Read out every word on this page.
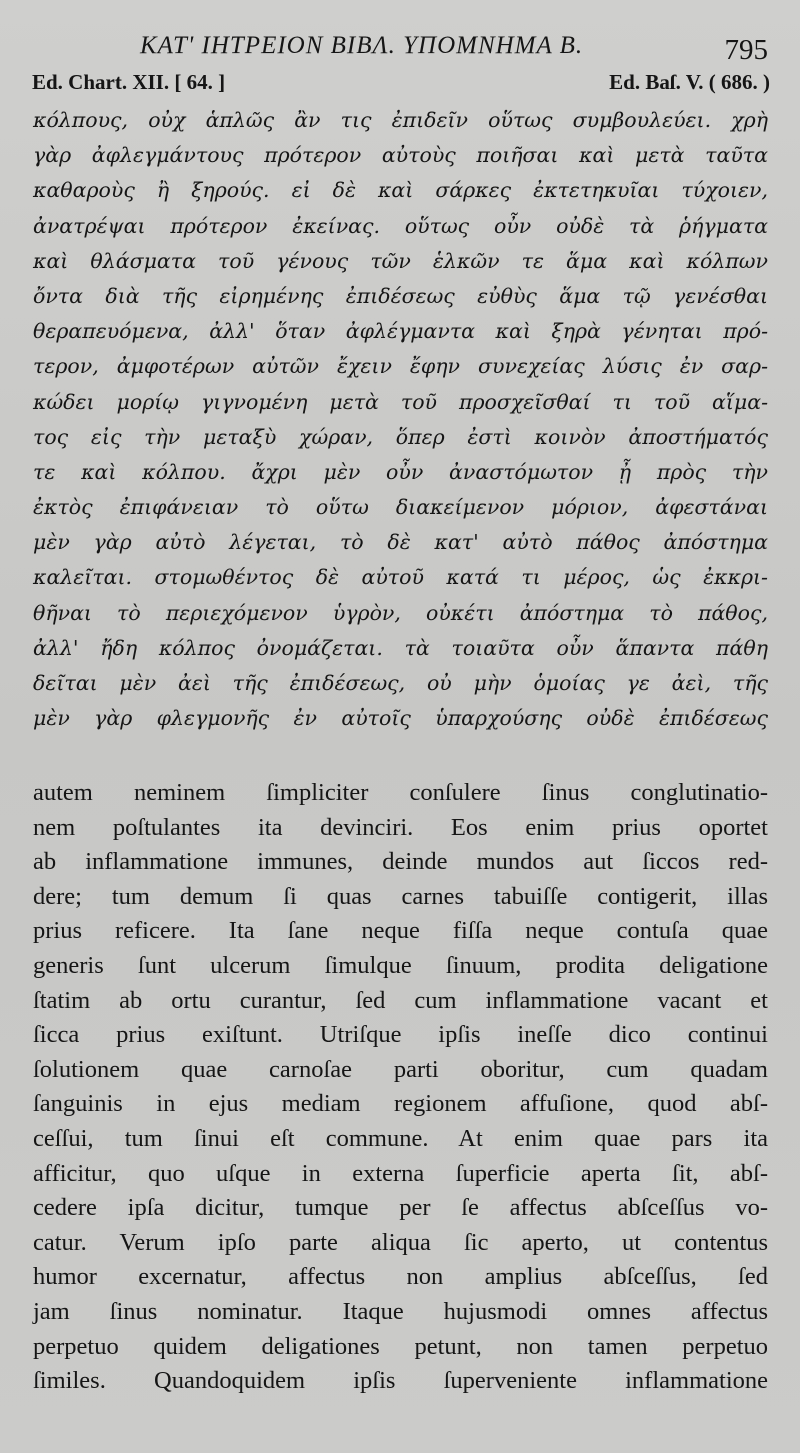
ΚΑΤ' ΙΗΤΡΕΙΟΝ ΒΙΒΛ. ΥΠΟΜΝΗΜΑ Β.	795
Ed. Chart. XII. [ 64. ]	Ed. Baſ. V. ( 686. )
κόλπους, οὐχ ἁπλῶς ἂν τις ἐπιδεῖν οὕτως συμβουλεύει. χρὴ
γὰρ ἀφλεγμάντους πρότερον αὐτοὺς ποιῆσαι καὶ μετὰ ταῦτα
καθαροὺς ἢ ξηρούς. εἰ δὲ καὶ σάρκες ἐκτετηκυῖαι τύχοιεν,
ἀνατρέψαι πρότερον ἐκείνας. οὕτως οὖν οὐδὲ τὰ ῥήγματα
καὶ θλάσματα τοῦ γένους τῶν ἑλκῶν τε ἅμα καὶ κόλπων
ὄντα διὰ τῆς εἰρημένης ἐπιδέσεως εὐθὺς ἅμα τῷ γενέσθαι
θεραπευόμενα, ἀλλ' ὅταν ἀφλέγμαντα καὶ ξηρὰ γένηται πρό-
τερον, ἀμφοτέρων αὐτῶν ἔχειν ἔφην συνεχείας λύσις ἐν σαρ-
κώδει μορίῳ γιγνομένη μετὰ τοῦ προσχεῖσθαί τι τοῦ αἵμα-
τος εἰς τὴν μεταξὺ χώραν, ὅπερ ἐστὶ κοινὸν ἀποστήματός
τε καὶ κόλπου. ἄχρι μὲν οὖν ἀναστόμωτον ᾖ πρὸς τὴν
ἐκτὸς ἐπιφάνειαν τὸ οὕτω διακείμενον μόριον, ἀφεστάναι
μὲν γὰρ αὐτὸ λέγεται, τὸ δὲ κατ' αὐτὸ πάθος ἀπόστημα
καλεῖται. στομωθέντος δὲ αὐτοῦ κατά τι μέρος, ὡς ἐκκρι-
θῆναι τὸ περιεχόμενον ὑγρὸν, οὐκέτι ἀπόστημα τὸ πάθος,
ἀλλ' ἤδη κόλπος ὀνομάζεται. τὰ τοιαῦτα οὖν ἅπαντα πάθη
δεῖται μὲν ἀεὶ τῆς ἐπιδέσεως, οὐ μὴν ὁμοίας γε ἀεὶ, τῆς
μὲν γὰρ φλεγμονῆς ἐν αὐτοῖς ὑπαρχούσης οὐδὲ ἐπιδέσεως
autem neminem ſimpliciter conſulere ſinus conglutinatio-
nem poſtulantes ita devinciri. Eos enim prius oportet
ab inflammatione immunes, deinde mundos aut ſiccos red-
dere; tum demum ſi quas carnes tabuiſſe contigerit, illas
prius reficere. Ita ſane neque fiſſa neque contuſa quae
generis ſunt ulcerum ſimulque ſinuum, prodita deligatione
ſtatim ab ortu curantur, ſed cum inflammatione vacant et
ſicca prius exiſtunt. Utriſque ipſis ineſſe dico continui
ſolutionem quae carnoſae parti oboritur, cum quadam
ſanguinis in ejus mediam regionem affuſione, quod abſ-
ceſſui, tum ſinui eſt commune. At enim quae pars ita
afficitur, quo uſque in externa ſuperficie aperta ſit, abſ-
cedere ipſa dicitur, tumque per ſe affectus abſceſſus vo-
catur. Verum ipſo parte aliqua ſic aperto, ut contentus
humor excernatur, affectus non amplius abſceſſus, ſed
jam ſinus nominatur. Itaque hujusmodi omnes affectus
perpetuo quidem deligationes petunt, non tamen perpetuo
ſimiles. Quandoquidem ipſis ſuperveniente inflammatione
